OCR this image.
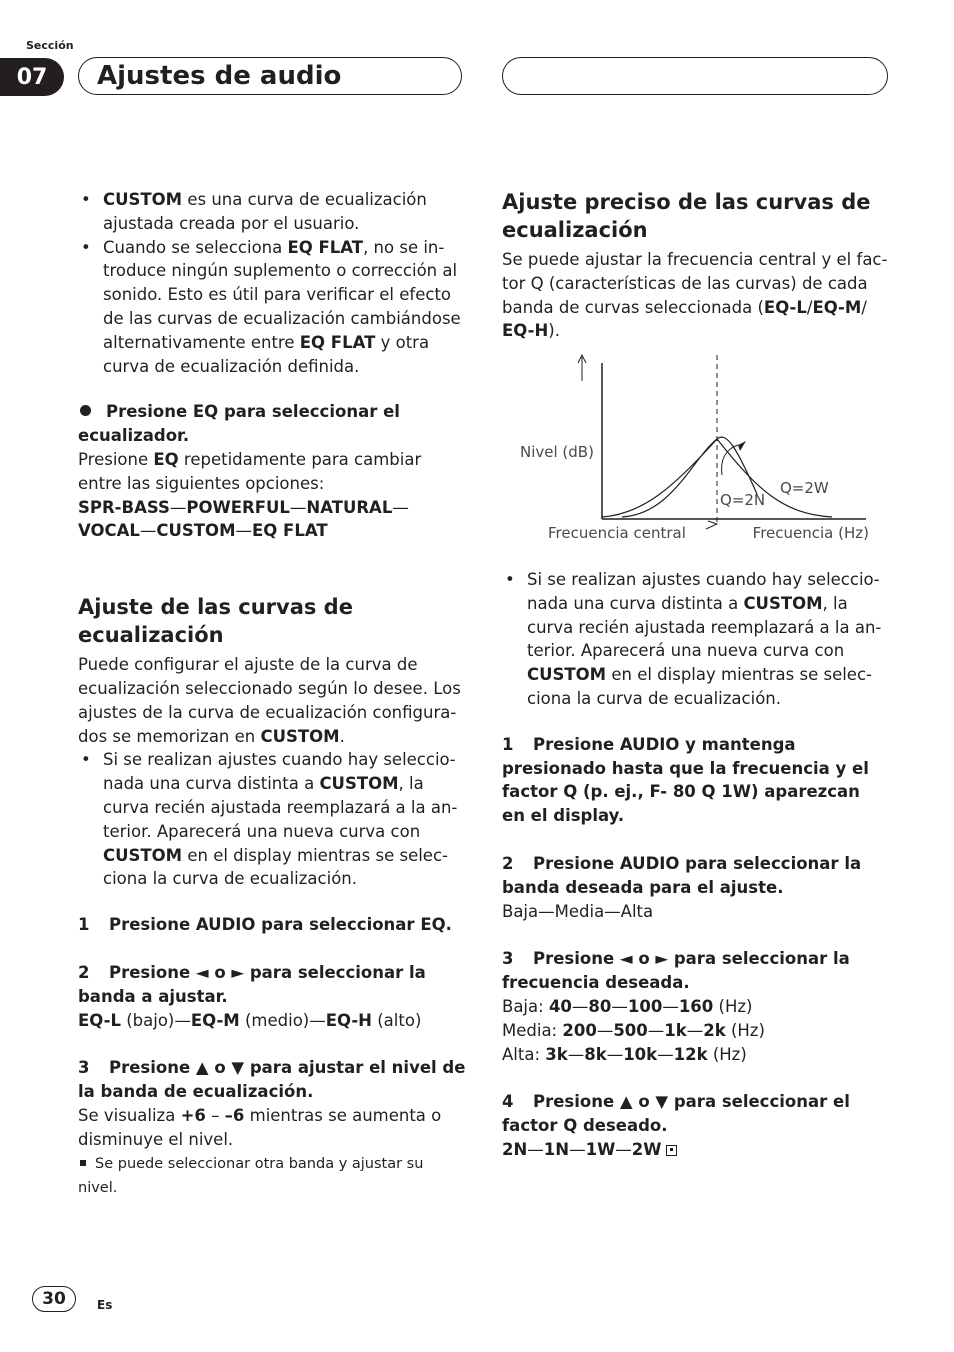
Sección
07	Ajustes de audio
• CUSTOM es una curva de ecualización ajustada creada por el usuario.
• Cuando se selecciona EQ FLAT, no se introduce ningún suplemento o corrección al sonido. Esto es útil para verificar el efecto de las curvas de ecualización cambiándose alternativamente entre EQ FLAT y otra curva de ecualización definida.
Presione EQ para seleccionar el ecualizador.
Presione EQ repetidamente para cambiar entre las siguientes opciones:
SPR-BASS—POWERFUL—NATURAL—
VOCAL—CUSTOM—EQ FLAT
Ajuste de las curvas de ecualización
Puede configurar el ajuste de la curva de ecualización seleccionado según lo desee. Los ajustes de la curva de ecualización configurados se memorizan en CUSTOM.
• Si se realizan ajustes cuando hay seleccionada una curva distinta a CUSTOM, la curva recién ajustada reemplazará a la anterior. Aparecerá una nueva curva con CUSTOM en el display mientras se selecciona la curva de ecualización.
1 Presione AUDIO para seleccionar EQ.
2 Presione ◄ o ► para seleccionar la banda a ajustar.
EQ-L (bajo)—EQ-M (medio)—EQ-H (alto)
3 Presione ▲ o ▼ para ajustar el nivel de la banda de ecualización.
Se visualiza +6 – –6 mientras se aumenta o disminuye el nivel.
Se puede seleccionar otra banda y ajustar su nivel.
Ajuste preciso de las curvas de ecualización
Se puede ajustar la frecuencia central y el factor Q (características de las curvas) de cada banda de curvas seleccionada (EQ-L/EQ-M/ EQ-H).
Nivel (dB)
Q=2N
Q=2W
Frecuencia central	Frecuencia (Hz)
• Si se realizan ajustes cuando hay seleccionada una curva distinta a CUSTOM, la curva recién ajustada reemplazará a la anterior. Aparecerá una nueva curva con CUSTOM en el display mientras se selecciona la curva de ecualización.
1 Presione AUDIO y mantenga presionado hasta que la frecuencia y el factor Q (p. ej., F- 80 Q 1W) aparezcan en el display.
2 Presione AUDIO para seleccionar la banda deseada para el ajuste.
Baja—Media—Alta
3 Presione ◄ o ► para seleccionar la frecuencia deseada.
Baja: 40—80—100—160 (Hz)
Media: 200—500—1k—2k (Hz)
Alta: 3k—8k—10k—12k (Hz)
4 Presione ▲ o ▼ para seleccionar el factor Q deseado.
2N—1N—1W—2W
30	Es
